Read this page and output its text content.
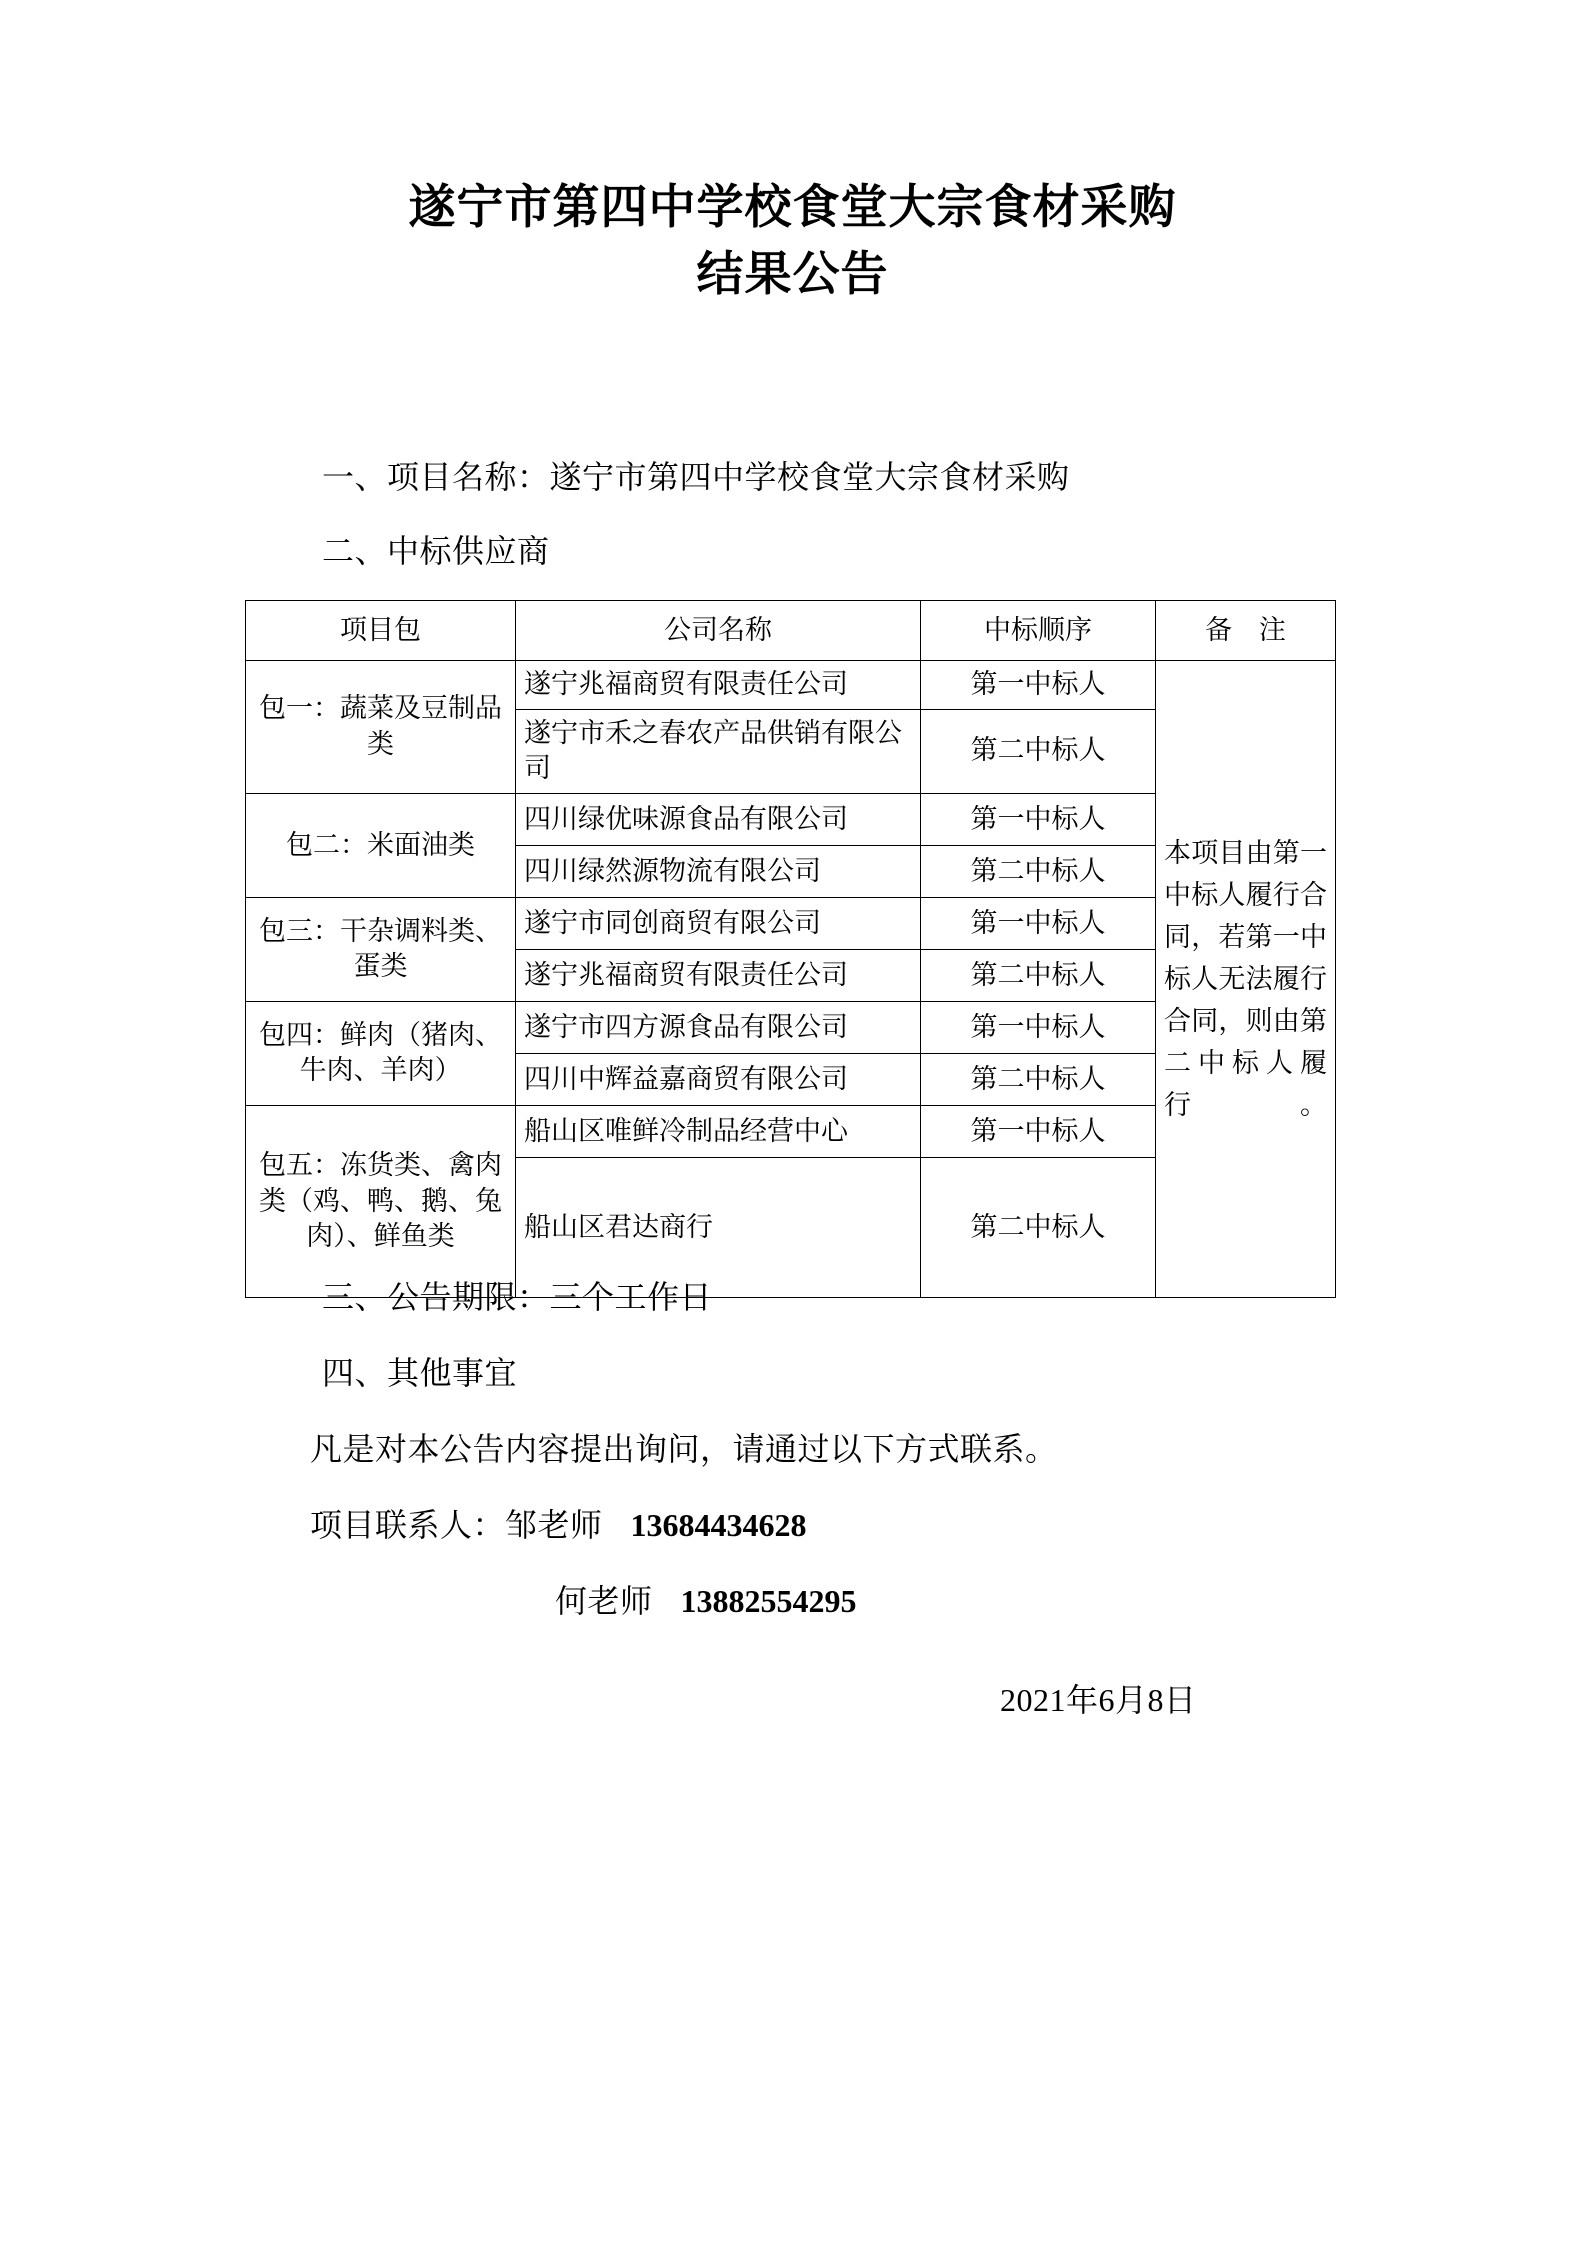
遂宁市第四中学校食堂大宗食材采购
结果公告
一、项目名称：遂宁市第四中学校食堂大宗食材采购
二、中标供应商
项目包	公司名称	中标顺序	备 注
包一：蔬菜及豆制品类	遂宁兆福商贸有限责任公司	第一中标人	本项目由第一中标人履行合同，若第一中标人无法履行合同，则由第二中标人履行。
	遂宁市禾之春农产品供销有限公司	第二中标人	
包二：米面油类	四川绿优味源食品有限公司	第一中标人	
	四川绿然源物流有限公司	第二中标人	
包三：干杂调料类、蛋类	遂宁市同创商贸有限公司	第一中标人	
	遂宁兆福商贸有限责任公司	第二中标人	
包四：鲜肉（猪肉、牛肉、羊肉）	遂宁市四方源食品有限公司	第一中标人	
	四川中辉益嘉商贸有限公司	第二中标人	
包五：冻货类、禽肉类（鸡、鸭、鹅、兔肉）、鲜鱼类	船山区唯鲜冷制品经营中心	第一中标人	
	船山区君达商行	第二中标人	
三、公告期限：三个工作日
四、其他事宜
凡是对本公告内容提出询问，请通过以下方式联系。
项目联系人：邹老师 13684434628
何老师 13882554295
2021年6月8日
